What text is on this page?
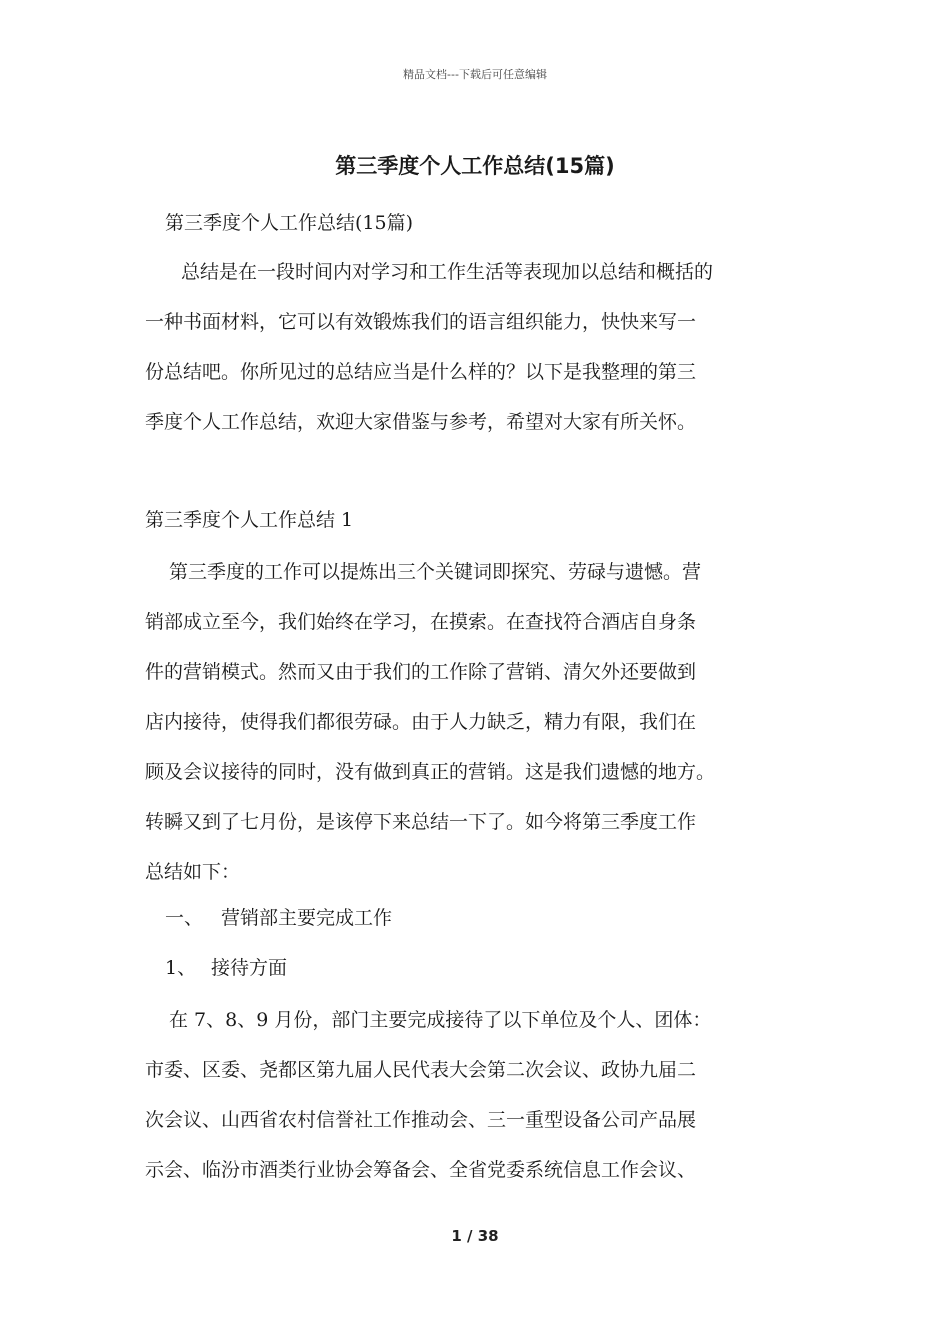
精品文档---下载后可任意编辑
第三季度个人工作总结(15篇)

第三季度个人工作总结(15篇)

总结是在一段时间内对学习和工作生活等表现加以总结和概括的
一种书面材料，它可以有效锻炼我们的语言组织能力，快快来写一
份总结吧。你所见过的总结应当是什么样的？以下是我整理的第三
季度个人工作总结，欢迎大家借鉴与参考，希望对大家有所关怀。

第三季度个人工作总结 1

第三季度的工作可以提炼出三个关键词即探究、劳碌与遗憾。营
销部成立至今，我们始终在学习，在摸索。在查找符合酒店自身条
件的营销模式。然而又由于我们的工作除了营销、清欠外还要做到
店内接待，使得我们都很劳碌。由于人力缺乏，精力有限，我们在
顾及会议接待的同时，没有做到真正的营销。这是我们遗憾的地方。
转瞬又到了七月份，是该停下来总结一下了。如今将第三季度工作
总结如下：

一、 营销部主要完成工作

1、 接待方面

在 7、8、9 月份，部门主要完成接待了以下单位及个人、团体：
市委、区委、尧都区第九届人民代表大会第二次会议、政协九届二
次会议、山西省农村信誉社工作推动会、三一重型设备公司产品展
示会、临汾市酒类行业协会筹备会、全省党委系统信息工作会议、

1 / 38
